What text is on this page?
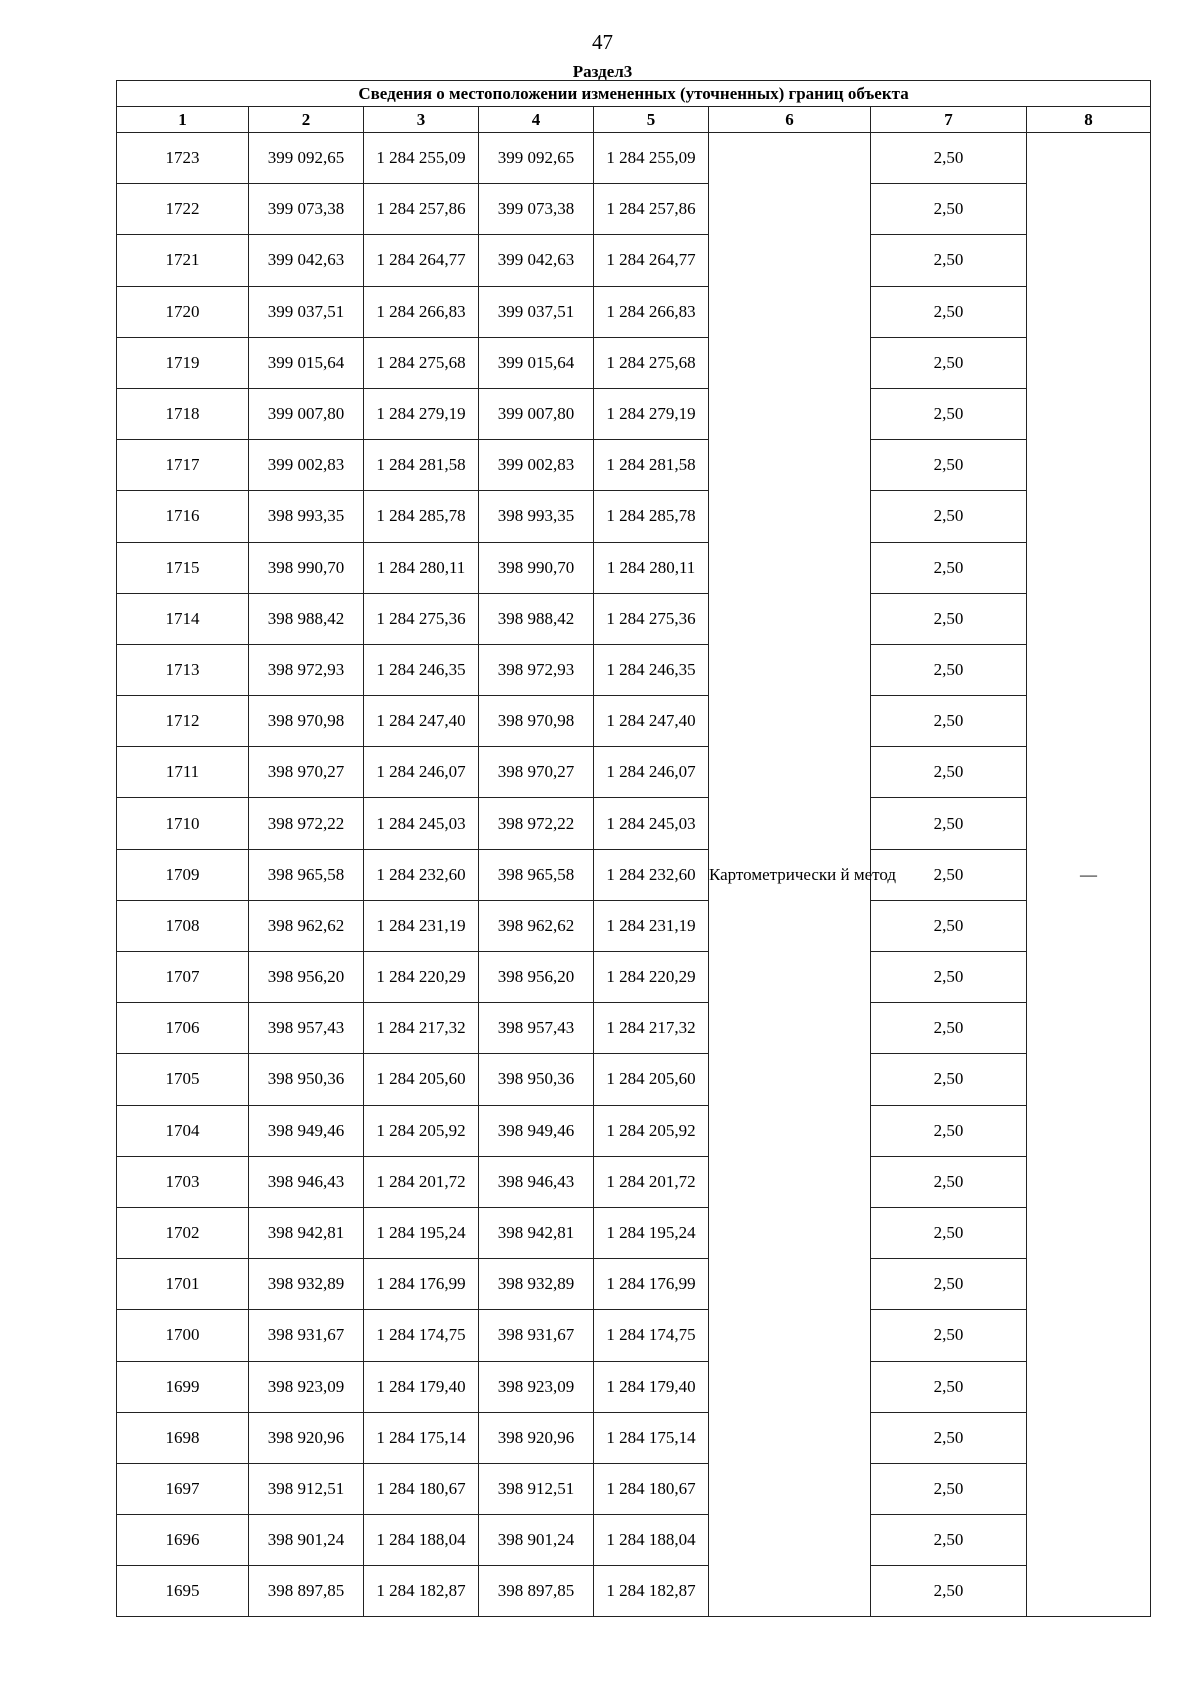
47
Раздел3
Сведения о местоположении измененных (уточненных) границ объекта							
1	2	3	4	5	6	7	8
1723	399 092,65	1 284 255,09	399 092,65	1 284 255,09	Картометрически й метод	2,50	—
1722	399 073,38	1 284 257,86	399 073,38	1 284 257,86		2,50	
1721	399 042,63	1 284 264,77	399 042,63	1 284 264,77		2,50	
1720	399 037,51	1 284 266,83	399 037,51	1 284 266,83		2,50	
1719	399 015,64	1 284 275,68	399 015,64	1 284 275,68		2,50	
1718	399 007,80	1 284 279,19	399 007,80	1 284 279,19		2,50	
1717	399 002,83	1 284 281,58	399 002,83	1 284 281,58		2,50	
1716	398 993,35	1 284 285,78	398 993,35	1 284 285,78		2,50	
1715	398 990,70	1 284 280,11	398 990,70	1 284 280,11		2,50	
1714	398 988,42	1 284 275,36	398 988,42	1 284 275,36		2,50	
1713	398 972,93	1 284 246,35	398 972,93	1 284 246,35		2,50	
1712	398 970,98	1 284 247,40	398 970,98	1 284 247,40		2,50	
1711	398 970,27	1 284 246,07	398 970,27	1 284 246,07		2,50	
1710	398 972,22	1 284 245,03	398 972,22	1 284 245,03		2,50	
1709	398 965,58	1 284 232,60	398 965,58	1 284 232,60		2,50	
1708	398 962,62	1 284 231,19	398 962,62	1 284 231,19		2,50	
1707	398 956,20	1 284 220,29	398 956,20	1 284 220,29		2,50	
1706	398 957,43	1 284 217,32	398 957,43	1 284 217,32		2,50	
1705	398 950,36	1 284 205,60	398 950,36	1 284 205,60		2,50	
1704	398 949,46	1 284 205,92	398 949,46	1 284 205,92		2,50	
1703	398 946,43	1 284 201,72	398 946,43	1 284 201,72		2,50	
1702	398 942,81	1 284 195,24	398 942,81	1 284 195,24		2,50	
1701	398 932,89	1 284 176,99	398 932,89	1 284 176,99		2,50	
1700	398 931,67	1 284 174,75	398 931,67	1 284 174,75		2,50	
1699	398 923,09	1 284 179,40	398 923,09	1 284 179,40		2,50	
1698	398 920,96	1 284 175,14	398 920,96	1 284 175,14		2,50	
1697	398 912,51	1 284 180,67	398 912,51	1 284 180,67		2,50	
1696	398 901,24	1 284 188,04	398 901,24	1 284 188,04		2,50	
1695	398 897,85	1 284 182,87	398 897,85	1 284 182,87		2,50	
